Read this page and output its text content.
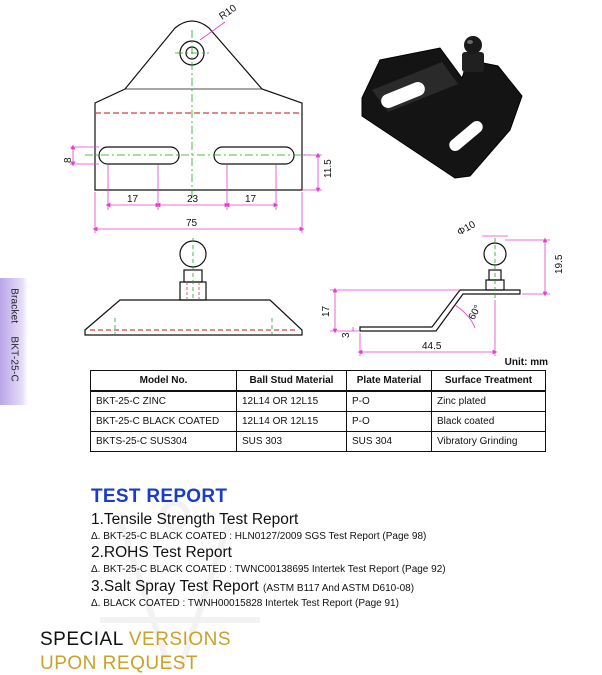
Bracket BKT-25-C
R10
8	11.5
17	23	17
75	Φ10
19.5
17
3
60°
44.5
Unit: mm
Model No.	Ball Stud Material	Plate Material	Surface Treatment
BKT-25-C ZINC	12L14 OR 12L15	P-O	Zinc plated
BKT-25-C BLACK COATED	12L14 OR 12L15	P-O	Black coated
BKTS-25-C SUS304	SUS 303	SUS 304	Vibratory Grinding
TEST REPORT
1.Tensile Strength Test Report
Δ. BKT-25-C BLACK COATED : HLN0127/2009 SGS Test Report (Page 98)
2.ROHS Test Report
Δ. BKT-25-C BLACK COATED : TWNC00138695 Intertek Test Report (Page 92)
3.Salt Spray Test Report (ASTM B117 And ASTM D610-08)
Δ. BLACK COATED : TWNH00015828 Intertek Test Report (Page 91)
SPECIAL VERSIONS
UPON REQUEST
